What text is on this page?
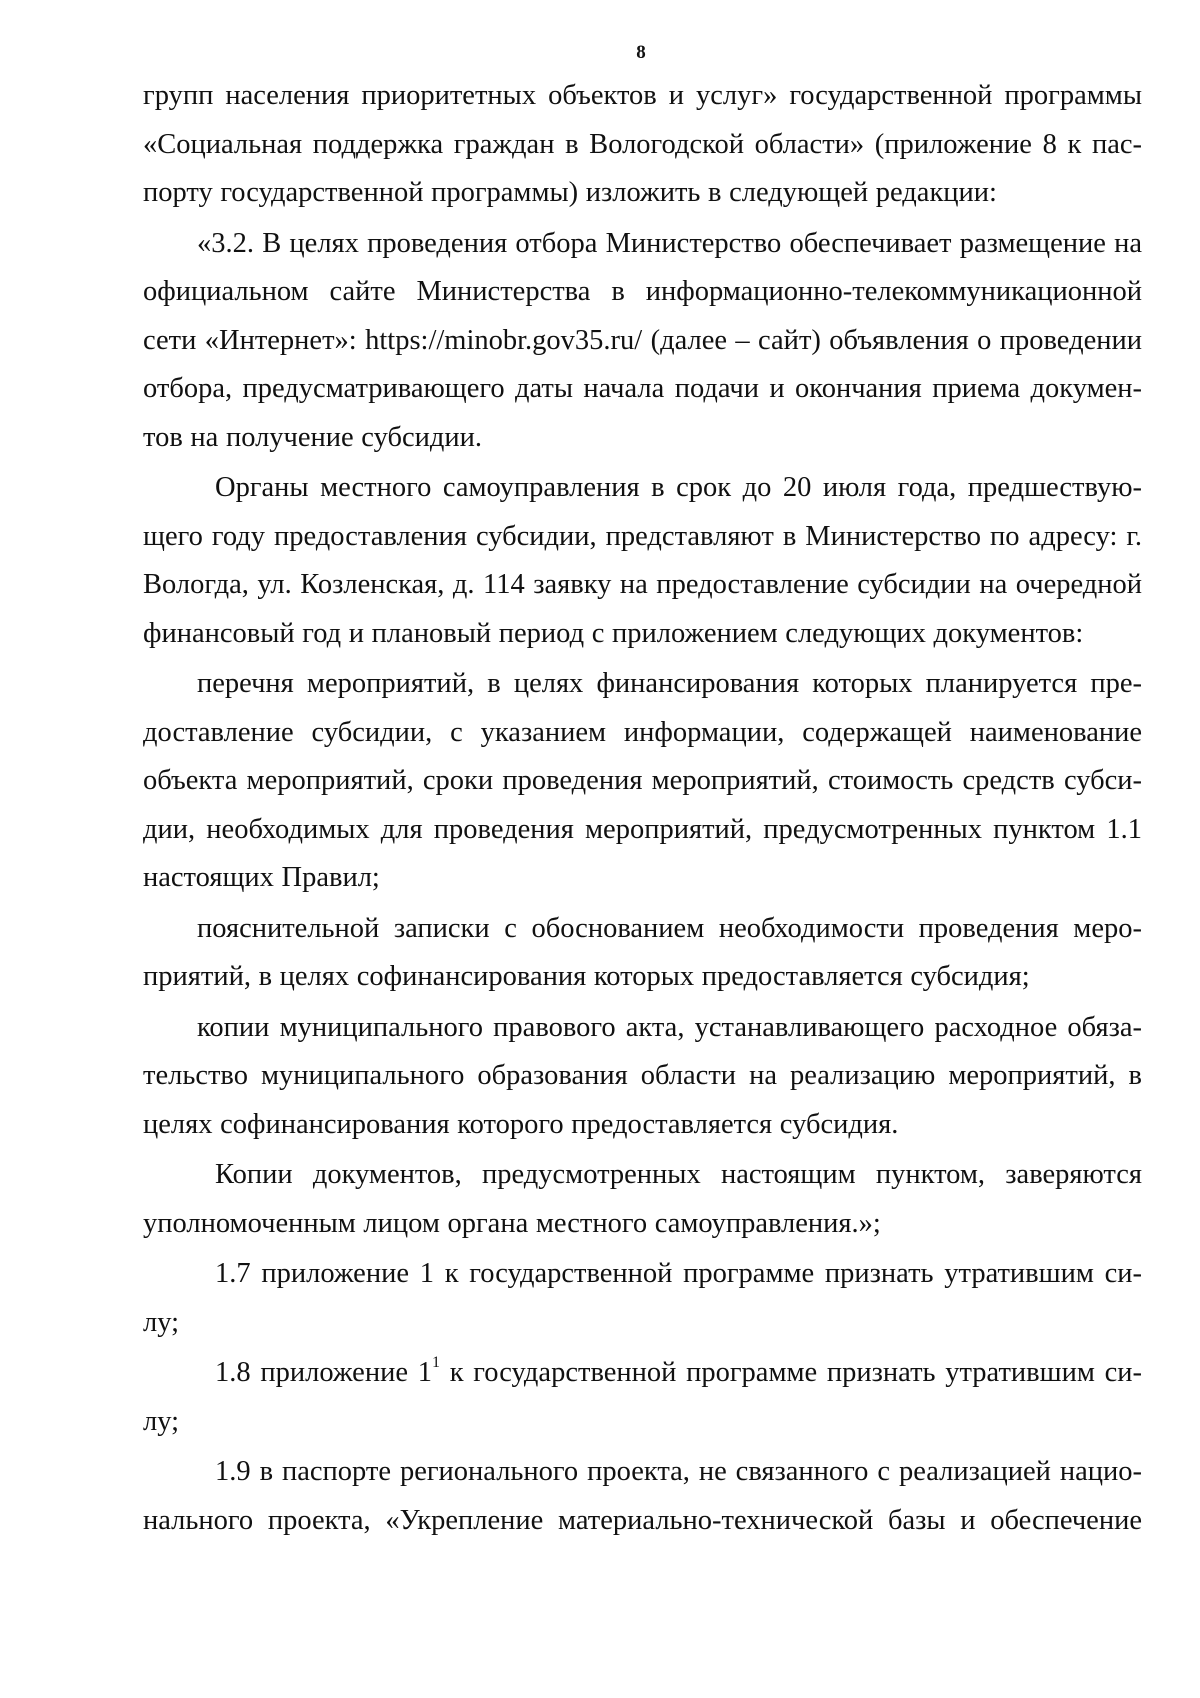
8

групп населения приоритетных объектов и услуг» государственной программы «Социальная поддержка граждан в Вологодской области» (приложение 8 к пас-порту государственной программы) изложить в следующей редакции:

«3.2. В целях проведения отбора Министерство обеспечивает размещение на официальном сайте Министерства в информационно-телекоммуникационной сети «Интернет»: https://minobr.gov35.ru/ (далее – сайт) объявления о проведении отбора, предусматривающего даты начала подачи и окончания приема докумен-тов на получение субсидии.

Органы местного самоуправления в срок до 20 июля года, предшествую-щего году предоставления субсидии, представляют в Министерство по адресу: г. Вологда, ул. Козленская, д. 114 заявку на предоставление субсидии на очередной финансовый год и плановый период с приложением следующих документов:

перечня мероприятий, в целях финансирования которых планируется пре-доставление субсидии, с указанием информации, содержащей наименование объекта мероприятий, сроки проведения мероприятий, стоимость средств субси-дии, необходимых для проведения мероприятий, предусмотренных пунктом 1.1 настоящих Правил;

пояснительной записки с обоснованием необходимости проведения меро-приятий, в целях софинансирования которых предоставляется субсидия;

копии муниципального правового акта, устанавливающего расходное обяза-тельство муниципального образования области на реализацию мероприятий, в целях софинансирования которого предоставляется субсидия.

Копии документов, предусмотренных настоящим пунктом, заверяются уполномоченным лицом органа местного самоуправления.»;

1.7 приложение 1 к государственной программе признать утратившим си-лу;

1.8 приложение $1^1$ к государственной программе признать утратившим си-лу;

1.9 в паспорте регионального проекта, не связанного с реализацией нацио-нального проекта, «Укрепление материально-технической базы и обеспечение
